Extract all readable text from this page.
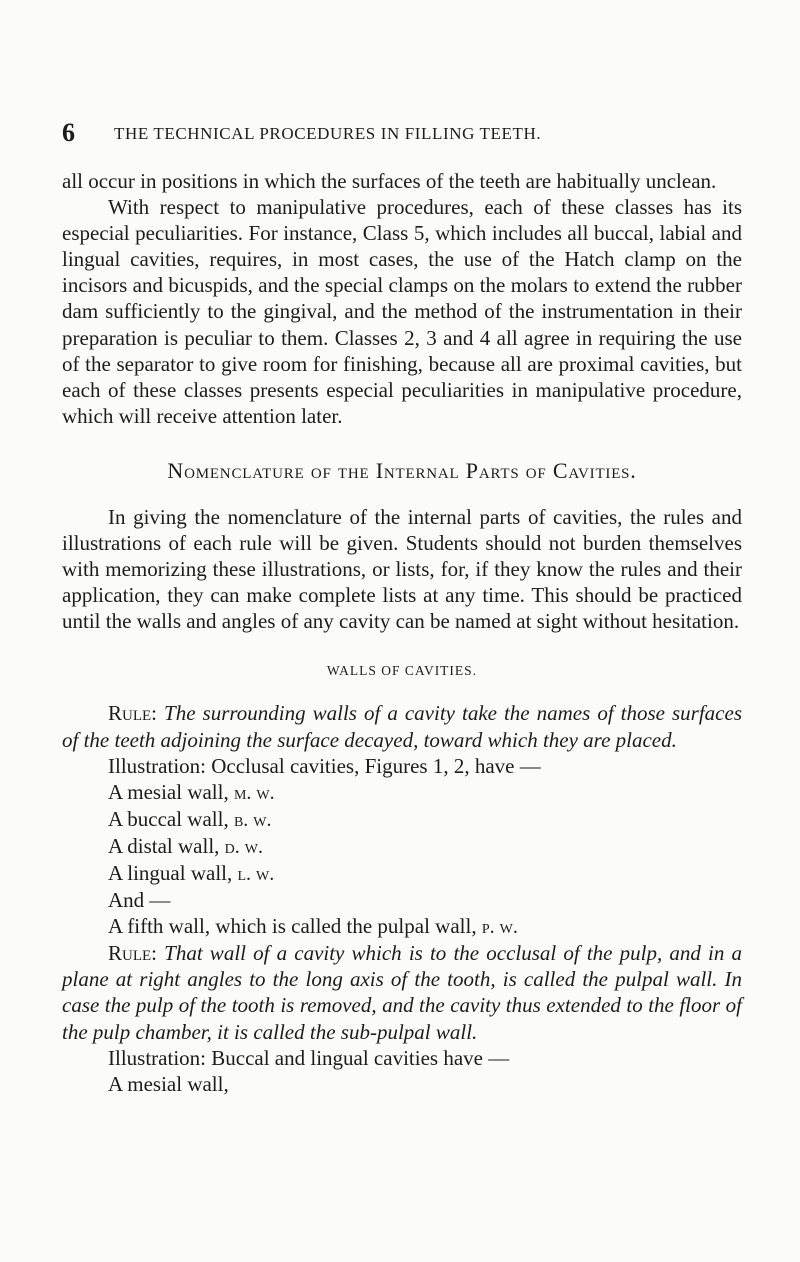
6 THE TECHNICAL PROCEDURES IN FILLING TEETH.

all occur in positions in which the surfaces of the teeth are habitually unclean.

With respect to manipulative procedures, each of these classes has its especial peculiarities. For instance, Class 5, which includes all buccal, labial and lingual cavities, requires, in most cases, the use of the Hatch clamp on the incisors and bicuspids, and the special clamps on the molars to extend the rubber dam sufficiently to the gingival, and the method of the instrumentation in their preparation is peculiar to them. Classes 2, 3 and 4 all agree in requiring the use of the separator to give room for finishing, because all are proximal cavities, but each of these classes presents especial peculiarities in manipulative procedure, which will receive attention later.

Nomenclature of the Internal Parts of Cavities.

In giving the nomenclature of the internal parts of cavities, the rules and illustrations of each rule will be given. Students should not burden themselves with memorizing these illustrations, or lists, for, if they know the rules and their application, they can make complete lists at any time. This should be practiced until the walls and angles of any cavity can be named at sight without hesitation.

WALLS OF CAVITIES.

Rule: The surrounding walls of a cavity take the names of those surfaces of the teeth adjoining the surface decayed, toward which they are placed.

Illustration: Occlusal cavities, Figures 1, 2, have —

A mesial wall, m. w.

A buccal wall, b. w.

A distal wall, d. w.

A lingual wall, l. w.

And —

A fifth wall, which is called the pulpal wall, p. w.

Rule: That wall of a cavity which is to the occlusal of the pulp, and in a plane at right angles to the long axis of the tooth, is called the pulpal wall. In case the pulp of the tooth is removed, and the cavity thus extended to the floor of the pulp chamber, it is called the sub-pulpal wall.

Illustration: Buccal and lingual cavities have —

A mesial wall,
